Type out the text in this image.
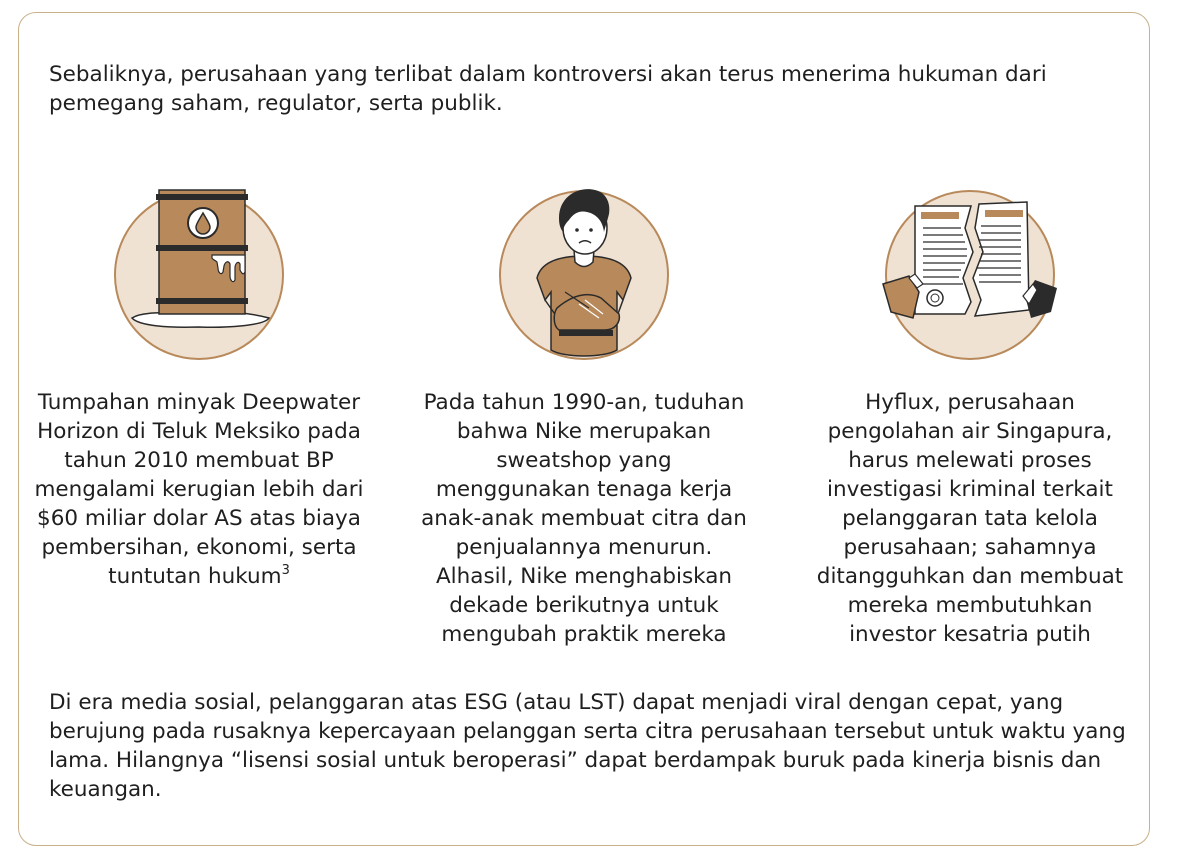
Sebaliknya, perusahaan yang terlibat dalam kontroversi akan terus menerima hukuman dari pemegang saham, regulator, serta publik.

Tumpahan minyak Deepwater Horizon di Teluk Meksiko pada tahun 2010 membuat BP mengalami kerugian lebih dari $60 miliar dolar AS atas biaya pembersihan, ekonomi, serta tuntutan hukum$^3$

Pada tahun 1990-an, tuduhan bahwa Nike merupakan sweatshop yang menggunakan tenaga kerja anak-anak membuat citra dan penjualannya menurun. Alhasil, Nike menghabiskan dekade berikutnya untuk mengubah praktik mereka

Hyflux, perusahaan pengolahan air Singapura, harus melewati proses investigasi kriminal terkait pelanggaran tata kelola perusahaan; sahamnya ditangguhkan dan membuat mereka membutuhkan investor kesatria putih

Di era media sosial, pelanggaran atas ESG (atau LST) dapat menjadi viral dengan cepat, yang berujung pada rusaknya kepercayaan pelanggan serta citra perusahaan tersebut untuk waktu yang lama. Hilangnya “lisensi sosial untuk beroperasi” dapat berdampak buruk pada kinerja bisnis dan keuangan.
